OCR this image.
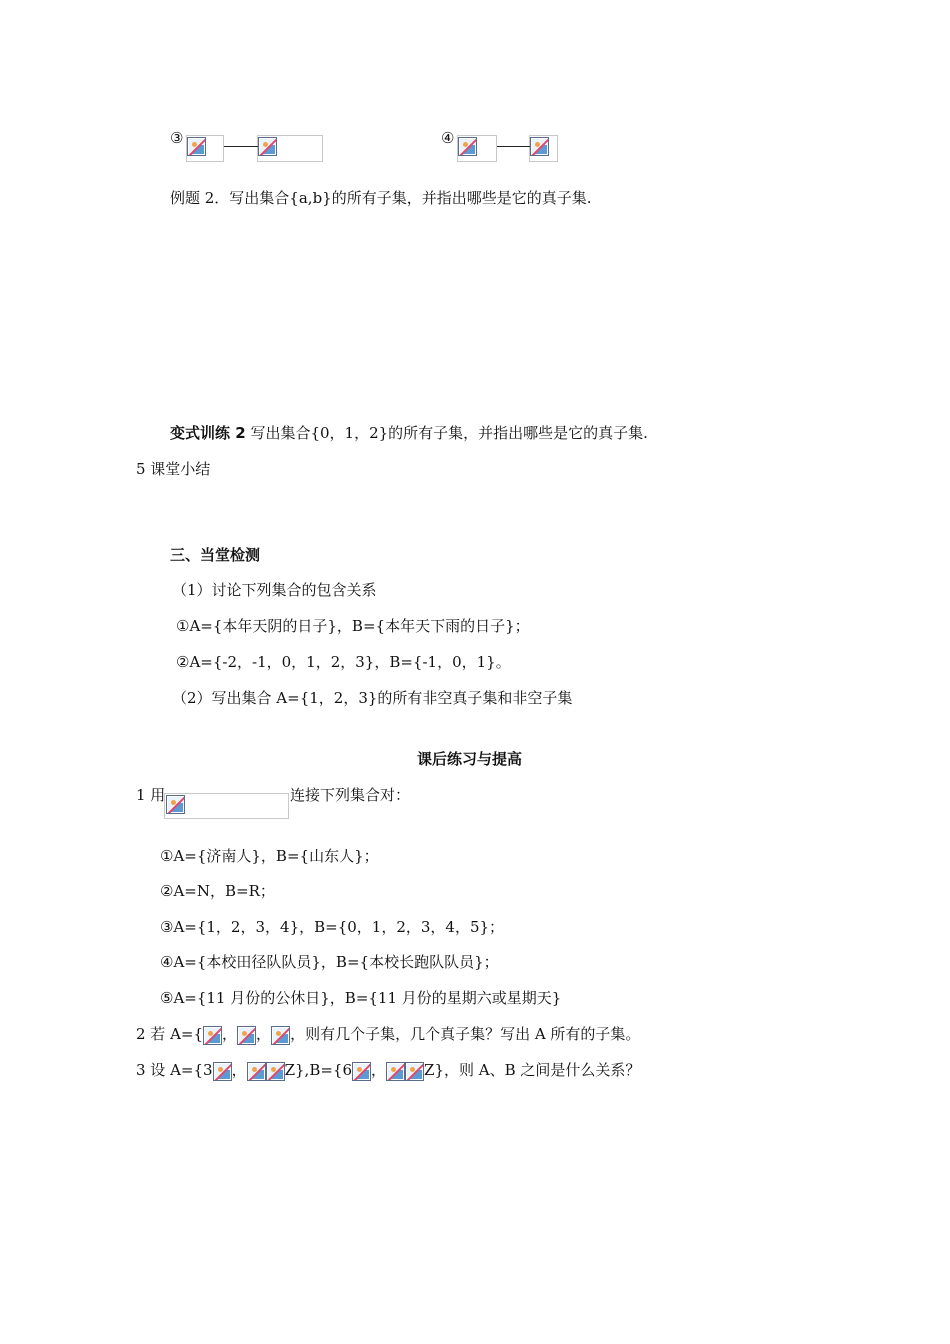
③	④
例题 2．写出集合{a,b}的所有子集，并指出哪些是它的真子集.
变式训练 2 写出集合{0，1，2}的所有子集，并指出哪些是它的真子集.
5 课堂小结
三、当堂检测
（1）讨论下列集合的包含关系
①A={本年天阴的日子}，B={本年天下雨的日子}；
②A={-2，-1，0，1，2，3}，B={-1，0，1}。
（2）写出集合 A={1，2，3}的所有非空真子集和非空子集
课后练习与提高
1 用	连接下列集合对：
①A={济南人}，B={山东人}；
②A=N，B=R；
③A={1，2，3，4}，B={0，1，2，3，4，5}；
④A={本校田径队队员}，B={本校长跑队队员}；
⑤A={11 月份的公休日}，B={11 月份的星期六或星期天}
2 若 A={ ， ， ，则有几个子集，几个真子集？写出 A 所有的子集。
3 设 A={3 ，	Z},B={6 ，	Z}，则 A、B 之间是什么关系？
